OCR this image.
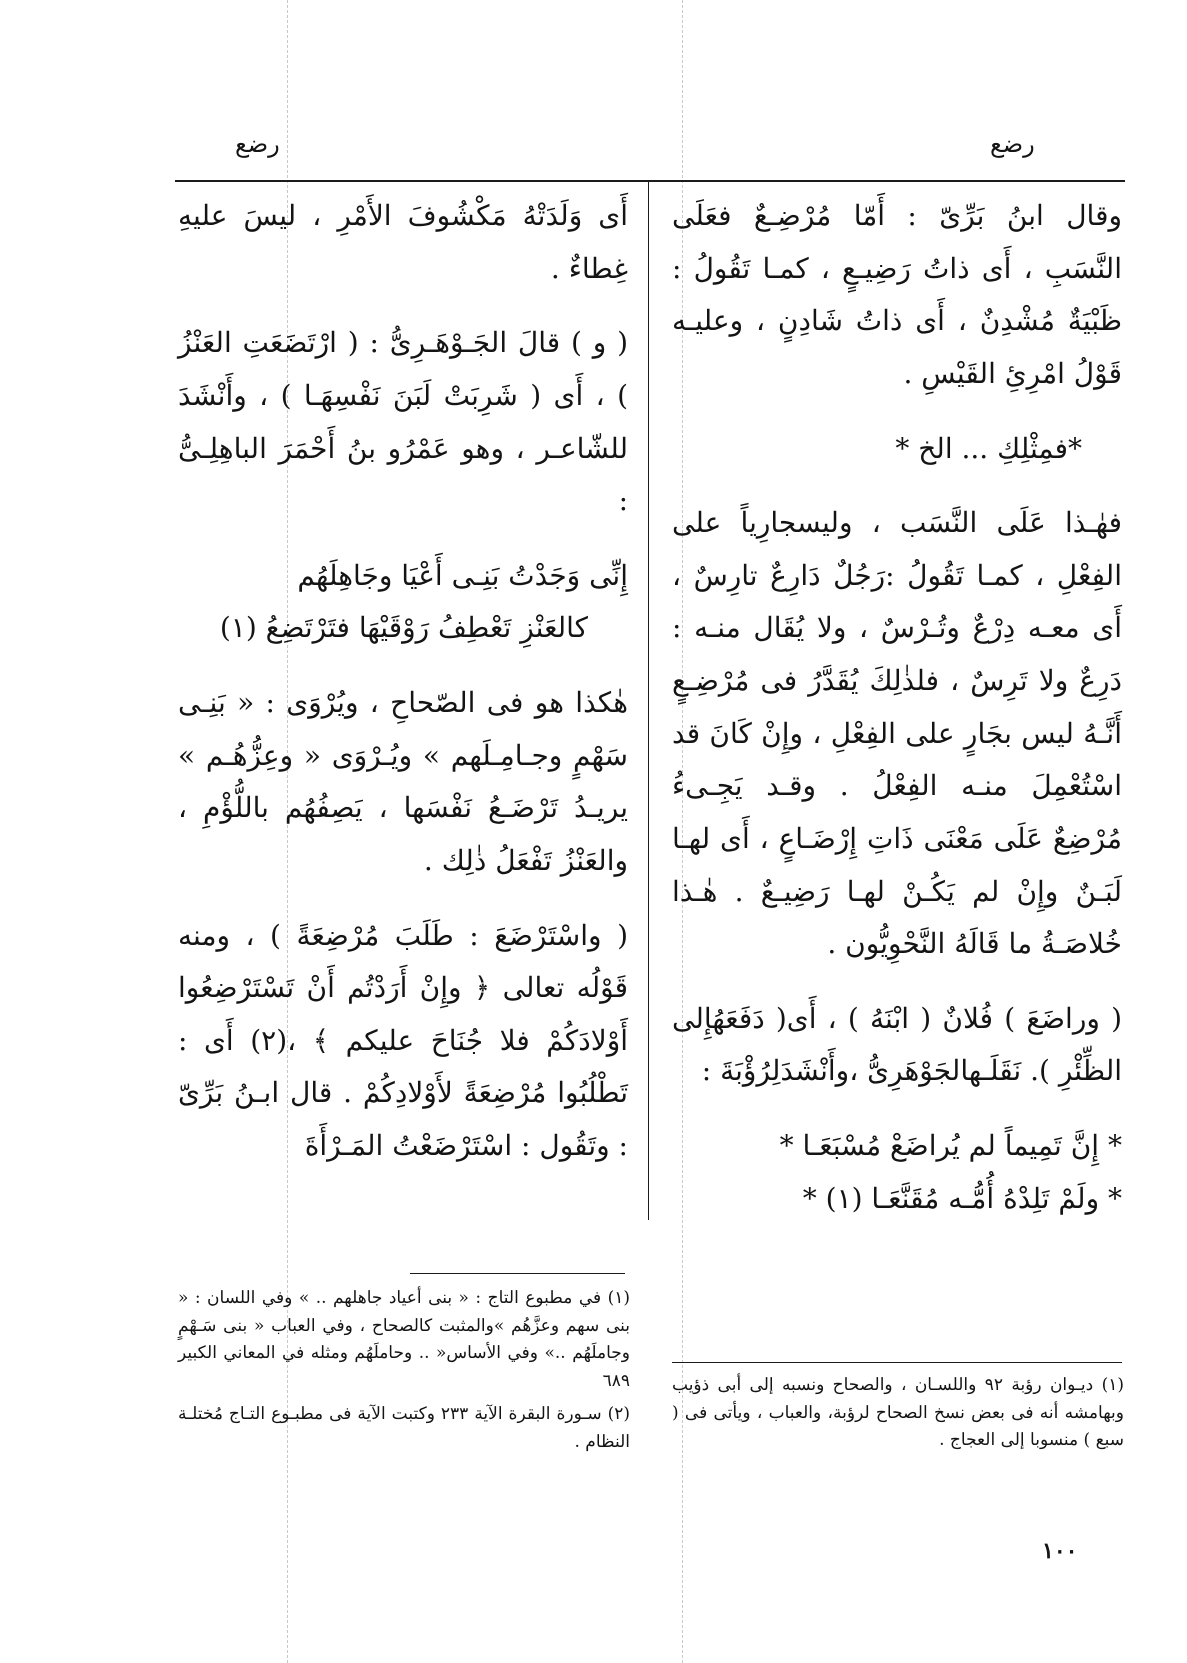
رضع
رضع

وقال ابنُ بَرِّىّ : أَمّا مُرْضِـعٌ فعَلَى النَّسَبِ ، أَى ذاتُ رَضِيـعٍ ، كمـا تَقُولُ : ظَبْيَةٌ مُشْدِنٌ ، أَى ذاتُ شَادِنٍ ، وعليـه قَوْلُ امْرِئِ القَيْسِ .

*فمِثْلِكِ ... الخ *

فهٰـذا عَلَى النَّسَب ، وليسجارِياً على الفِعْلِ ، كمـا تَقُولُ :رَجُلٌ دَارِعٌ تارِسٌ ، أَى معـه دِرْعٌ وتُـرْسٌ ، ولا يُقَال منـه : دَرِعٌ ولا تَرِسٌ ، فلذٰلِكَ يُقَدَّرُ فى مُرْضِـعٍ أَنَّـهُ ليس بجَارٍ على الفِعْلِ ، وإِنْ كَانَ قد اسْتُعْمِلَ منـه الفِعْلُ . وقـد يَجِـىءُ مُرْضِعٌ عَلَى مَعْنَى ذَاتِ إِرْضَـاعٍ ، أَى لهـا لَبَـنٌ وإِنْ لم يَكُـنْ لهـا رَضِيـعٌ . هٰـذا خُلاصَـةُ ما قَالَهُ النَّحْوِيُّون .

( وراضَعَ ) فُلانٌ ( ابْنَهُ ) ، أَى( دَفَعَهُإِلى الظِّئْرِ ). نَقَلَـهالجَوْهَرِىُّ ،وأَنْشَدَلِرُؤْبَةَ :

* إِنَّ تَمِيماً لم يُراضَعْ مُسْبَعَـا *
* ولَمْ تَلِدْهُ أُمُّـه مُقَنَّعَـا (١) *

أَى وَلَدَتْهُ مَكْشُوفَ الأَمْرِ ، ليسَ عليهِ غِطاءٌ .

( و ) قالَ الجَـوْهَـرِىُّ : ( ارْتَضَعَتِ العَنْزُ ) ، أَى ( شَرِبَتْ لَبَنَ نَفْسِهَـا ) ، وأَنْشَدَ للشّاعـر ، وهو عَمْرُو بنُ أَحْمَرَ الباهِلِـىُّ :

إِنِّى وَجَدْتُ بَنِـى أَعْيَا وجَاهِلَهُم
كالعَنْزِ تَعْطِفُ رَوْقَيْهَا فتَرْتَضِعُ (١)

هٰكذا هو فى الصّحاحِ ، ويُرْوَى : « بَنِـى سَهْمٍ وجـامِـلَهم » ويُـرْوَى « وعِزُّهُـم » يريـدُ تَرْضَـعُ نَفْسَها ، يَصِفُهُم باللُّؤْمِ ، والعَنْزُ تَفْعَلُ ذٰلِك .

( واسْتَرْضَعَ : طَلَبَ مُرْضِعَةً ) ، ومنه قَوْلُه تعالى ﴿ وإِنْ أَرَدْتُم أَنْ تَسْتَرْضِعُوا أَوْلادَكُمْ فلا جُنَاحَ عليكم ﴾ ،(٢) أَى : تَطْلُبُوا مُرْضِعَةً لأَوْلادِكُمْ . قال ابـنُ بَرِّىّ : وتَقُول : اسْتَرْضَعْتُ المَـرْأَةَ

(١) في مطبوع التاج : « بنى أعياد جاهلهم .. » وفي اللسان : « بنى سهم وعزَّهُم »والمثبت كالصحاح ، وفي العباب « بنى سَـهْمٍ وجاملَهُم ..» وفي الأساس« .. وحاملَهُم ومثله في المعاني الكبير ٦٨٩

(٢) سـورة البقرة الآية ٢٣٣ وكتبت الآية فى مطبـوع التـاج مُختلـة النظام .

(١) ديـوان رؤبة ٩٢ واللسـان ، والصحاح ونسبه إلى أبى ذؤيب وبهامشه أنه فى بعض نسخ الصحاح لرؤبة، والعباب ، ويأتى فى ( سبع ) منسوبا إلى العجاج .

١٠٠
